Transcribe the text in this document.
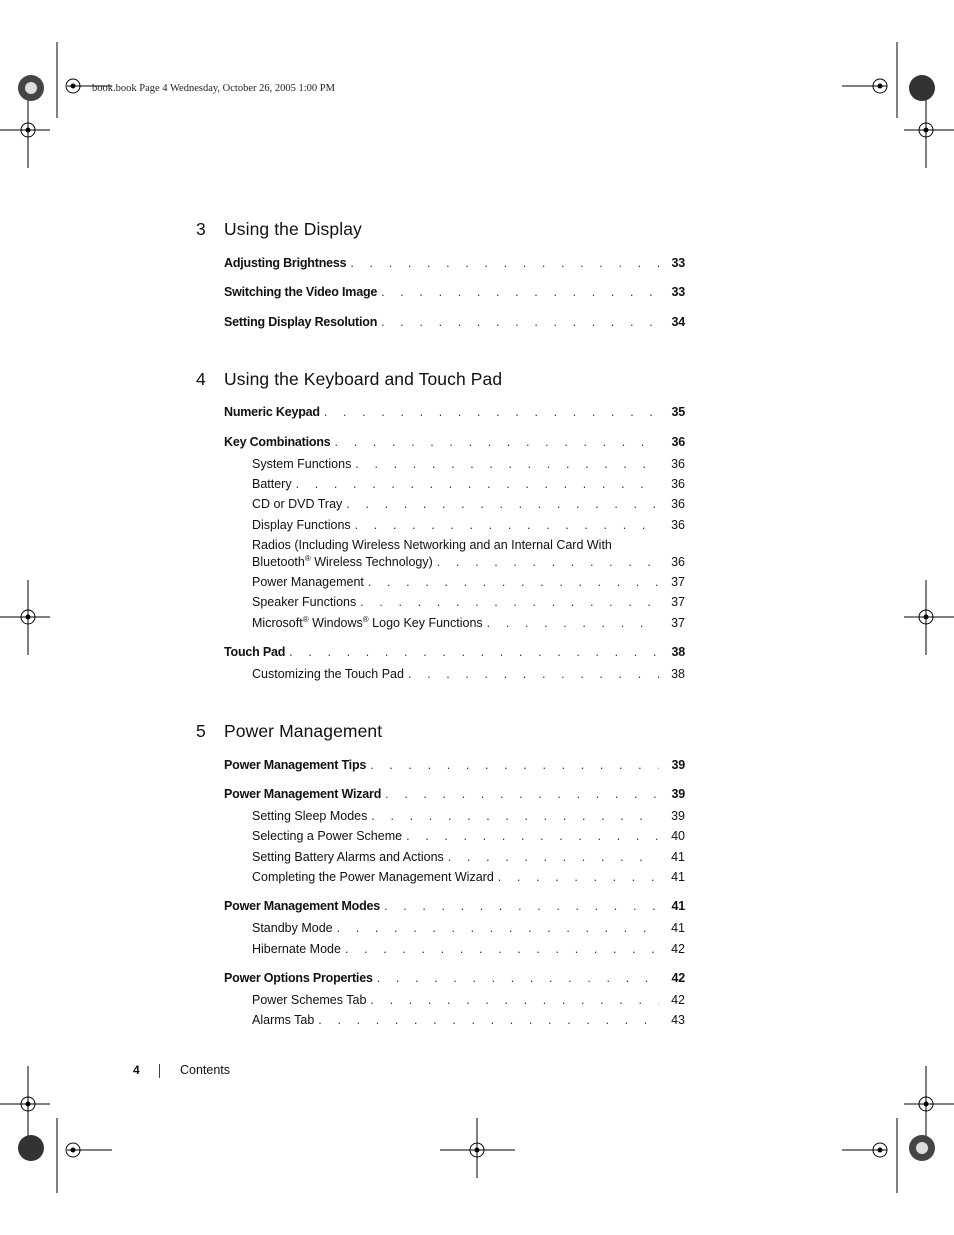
book.book Page 4 Wednesday, October 26, 2005 1:00 PM
3	Using the Display
Adjusting Brightness . . .	33
Switching the Video Image . . .	33
Setting Display Resolution . . .	34
4	Using the Keyboard and Touch Pad
Numeric Keypad . . .	35
Key Combinations . . .	36
System Functions . . .	36
Battery . . .	36
CD or DVD Tray . . .	36
Display Functions . . .	36
Radios (Including Wireless Networking and an Internal Card With
Bluetooth® Wireless Technology) . . .	36
Power Management . . .	37
Speaker Functions . . .	37
Microsoft® Windows® Logo Key Functions . . .	37
Touch Pad . . .	38
Customizing the Touch Pad . . .	38
5	Power Management
Power Management Tips . . .	39
Power Management Wizard . . .	39
Setting Sleep Modes . . .	39
Selecting a Power Scheme . . .	40
Setting Battery Alarms and Actions . . .	41
Completing the Power Management Wizard . . .	41
Power Management Modes . . .	41
Standby Mode . . .	41
Hibernate Mode . . .	42
Power Options Properties . . .	42
Power Schemes Tab . . .	42
Alarms Tab . . .	43
4	Contents
